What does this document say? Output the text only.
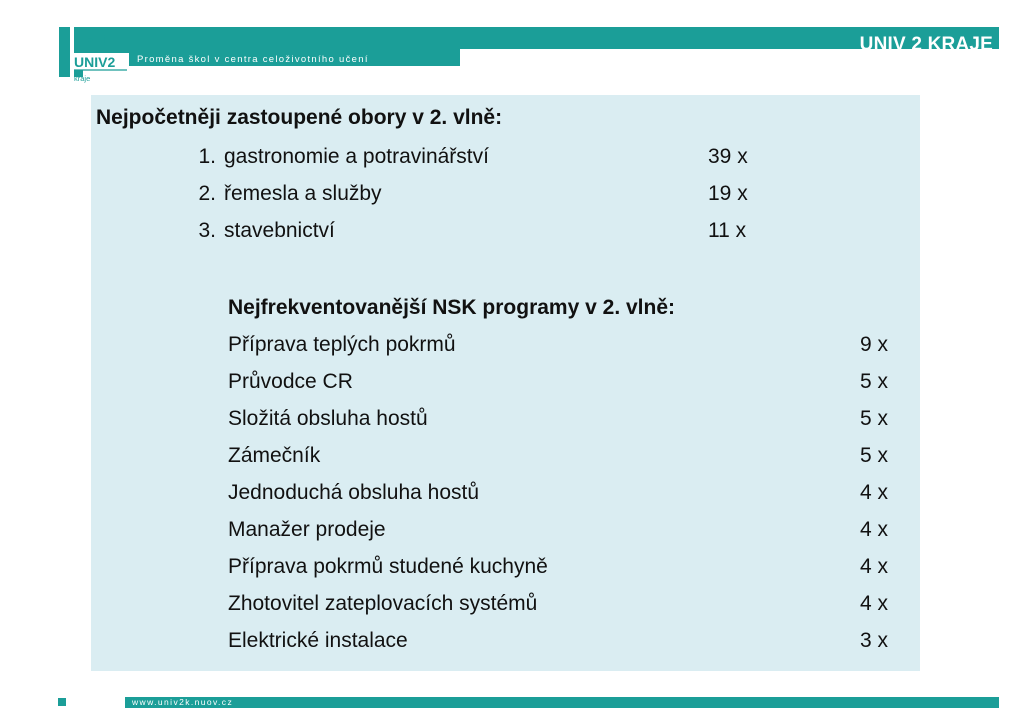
UNIV2
kraje
Proměna škol v centra celoživotního učení
UNIV 2 KRAJE
Nejpočetněji zastoupené obory v 2. vlně:
1. gastronomie a potravinářství	39 x
2. řemesla a služby	19 x
3. stavebnictví	11 x
Nejfrekventovanější NSK programy v 2. vlně:
Příprava teplých pokrmů	9 x
Průvodce CR	5 x
Složitá obsluha hostů	5 x
Zámečník	5 x
Jednoduchá obsluha hostů	4 x
Manažer prodeje	4 x
Příprava pokrmů studené kuchyně	4 x
Zhotovitel zateplovacích systémů	4 x
Elektrické instalace	3 x
www.univ2k.nuov.cz
